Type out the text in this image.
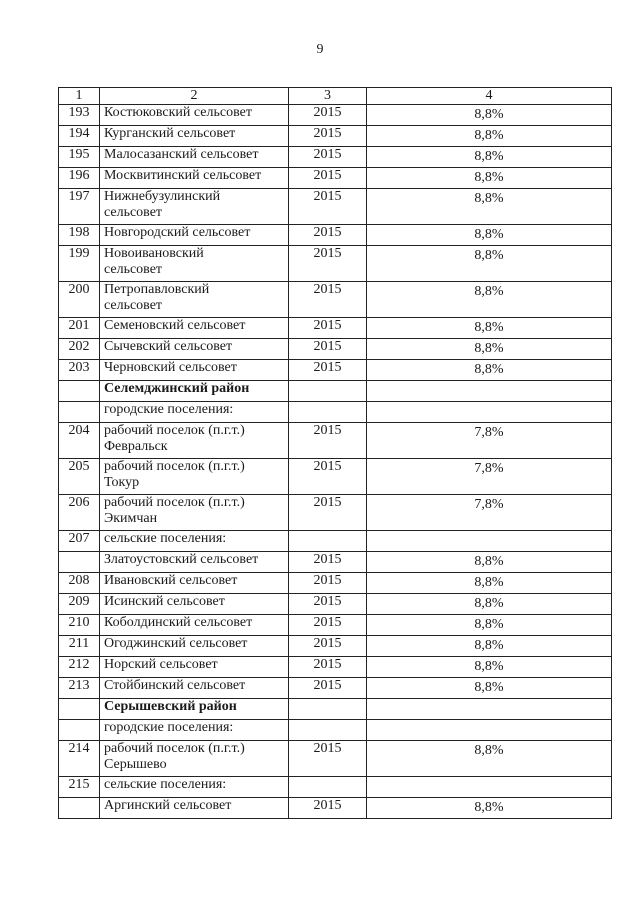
9
1	2	3	4
193	Костюковский сельсовет	2015	8,8%
194	Курганский сельсовет	2015	8,8%
195	Малосазанский сельсовет	2015	8,8%
196	Москвитинский сельсовет	2015	8,8%
197	Нижнебузулинский
сельсовет	2015	8,8%
198	Новгородский сельсовет	2015	8,8%
199	Новоивановский
сельсовет	2015	8,8%
200	Петропавловский
сельсовет	2015	8,8%
201	Семеновский сельсовет	2015	8,8%
202	Сычевский сельсовет	2015	8,8%
203	Черновский сельсовет	2015	8,8%
	Селемджинский район		
	городские поселения:		
204	рабочий поселок (п.г.т.)
Февральск	2015	7,8%
205	рабочий поселок (п.г.т.)
Токур	2015	7,8%
206	рабочий поселок (п.г.т.)
Экимчан	2015	7,8%
207	сельские поселения:		
	Златоустовский сельсовет	2015	8,8%
208	Ивановский сельсовет	2015	8,8%
209	Исинский сельсовет	2015	8,8%
210	Коболдинский сельсовет	2015	8,8%
211	Огоджинский сельсовет	2015	8,8%
212	Норский сельсовет	2015	8,8%
213	Стойбинский сельсовет	2015	8,8%
	Серышевский район		
	городские поселения:		
214	рабочий поселок (п.г.т.)
Серышево	2015	8,8%
215	сельские поселения:		
	Аргинский сельсовет	2015	8,8%
